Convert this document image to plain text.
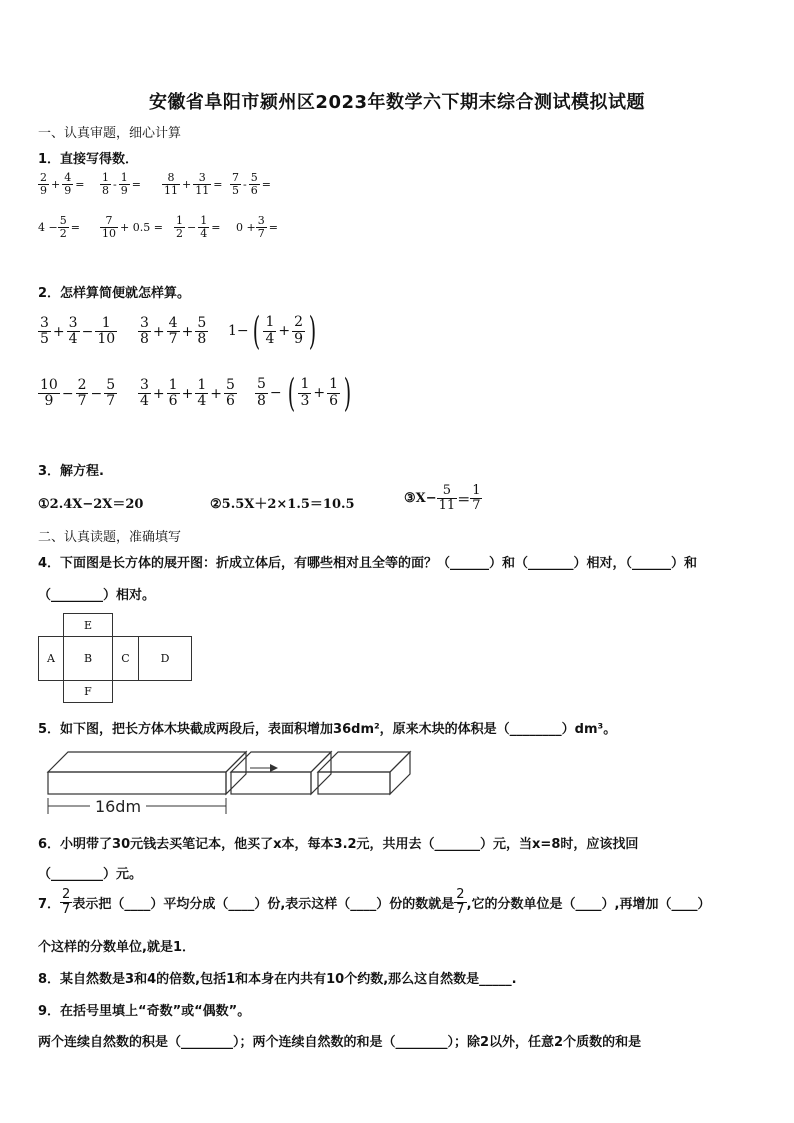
安徽省阜阳市颍州区2023年数学六下期末综合测试模拟试题
一、认真审题，细心计算
1．直接写得数．
$\frac{2}{9} + \frac{4}{9} = \frac{1}{8} - \frac{1}{9} = \frac{8}{11} + \frac{3}{11} = \frac{7}{5} - \frac{5}{6}$ =
$4 - \frac{5}{2} = \frac{7}{10} + 0.5 = \frac{1}{2} - \frac{1}{4} = 0 + \frac{3}{7}$ =
2．怎样算简便就怎样算。
$\frac{3}{5} + \frac{3}{4} - \frac{1}{10} \frac{3}{8} + \frac{4}{7} + \frac{5}{8} 1-$ ( $\frac{1}{4} + \frac{2}{9}$ )
$\frac{10}{9} - \frac{2}{7} - \frac{5}{7} \frac{3}{4} + \frac{1}{6} + \frac{1}{4} + \frac{5}{6} \frac{5}{8}$ − ( $\frac{1}{3} + \frac{1}{6}$ )
3．解方程.
①2.4X−2X＝20	②5.5X＋2×1.5＝10.5	③X− $\frac{5}{11} = \frac{1}{7}$
二、认真读题，准确填写
4．下面图是长方体的展开图：折成立体后，有哪些相对且全等的面？（______）和（_______）相对，（______）和
（________）相对。
E
A	B	C	D
F
5．如下图，把长方体木块截成两段后，表面积增加36dm²，原来木块的体积是（________）dm³。
16dm
6．小明带了30元钱去买笔记本，他买了x本，每本3.2元，共用去（_______）元，当x=8时，应该找回
（________）元。
7． $\frac{2}{7}$ 表示把（____）平均分成（____）份,表示这样（____）份的数就是 $\frac{2}{7}$ ,它的分数单位是（____）,再增加（____）
个这样的分数单位,就是1．
8．某自然数是3和4的倍数,包括1和本身在内共有10个约数,那么这自然数是_____.
9．在括号里填上“奇数”或“偶数”。
两个连续自然数的积是（________）；两个连续自然数的和是（________）；除2以外，任意2个质数的和是
